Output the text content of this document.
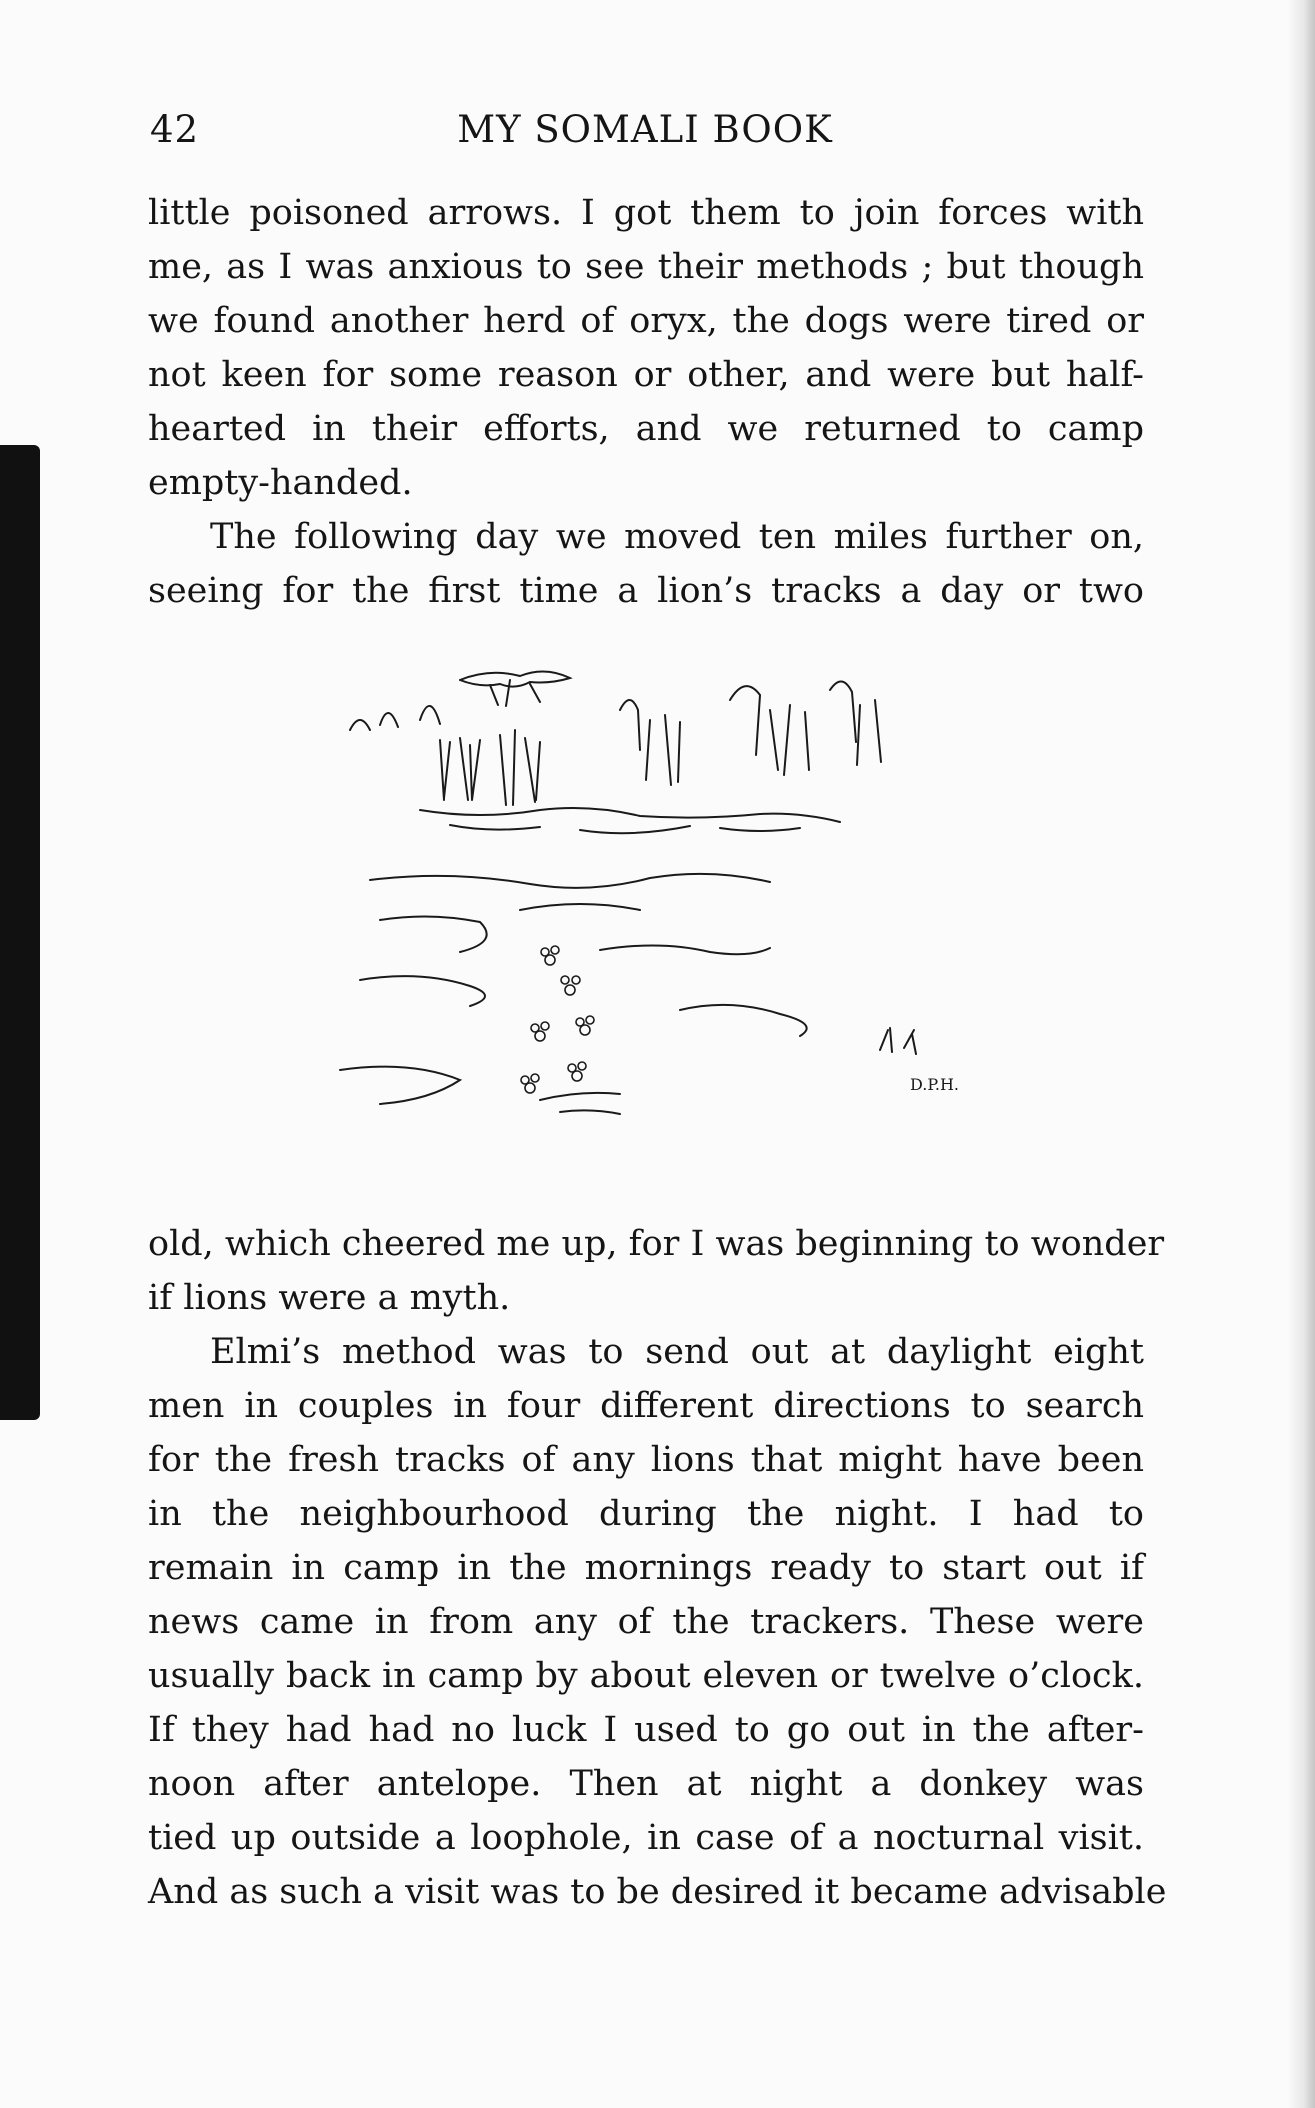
42	MY SOMALI BOOK
little poisoned arrows. I got them to join forces with
me, as I was anxious to see their methods ; but though
we found another herd of oryx, the dogs were tired or
not keen for some reason or other, and were but half-
hearted in their efforts, and we returned to camp
empty-handed.
The following day we moved ten miles further on,
seeing for the first time a lion’s tracks a day or two
D.P.H.
old, which cheered me up, for I was beginning to wonder
if lions were a myth.
Elmi’s method was to send out at daylight eight
men in couples in four different directions to search
for the fresh tracks of any lions that might have been
in the neighbourhood during the night. I had to
remain in camp in the mornings ready to start out if
news came in from any of the trackers. These were
usually back in camp by about eleven or twelve o’clock.
If they had had no luck I used to go out in the after-
noon after antelope. Then at night a donkey was
tied up outside a loophole, in case of a nocturnal visit.
And as such a visit was to be desired it became advisable
